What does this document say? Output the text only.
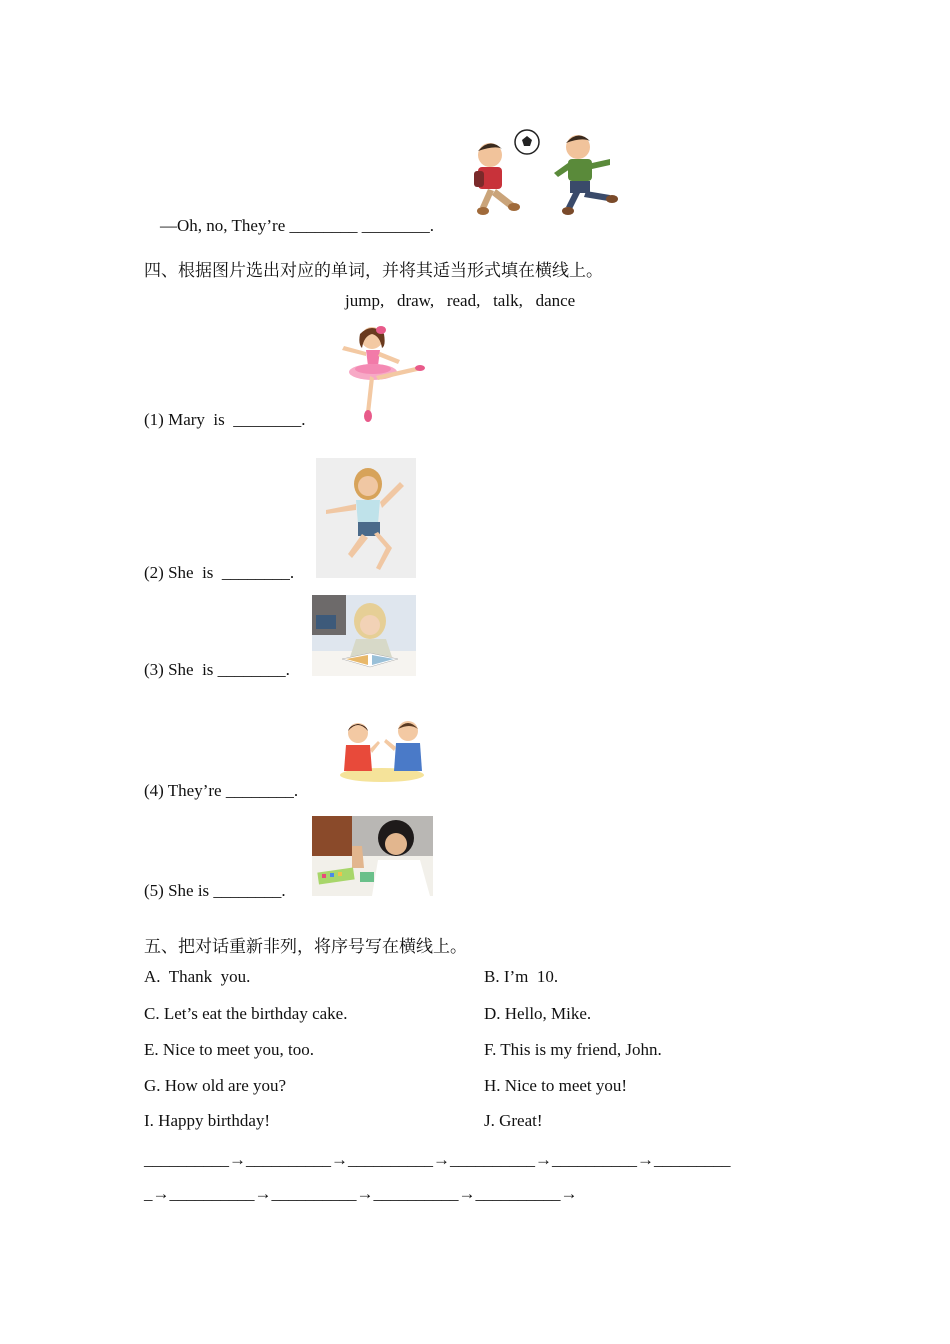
—Oh, no, They’re ________ ________.
四、根据图片选出对应的单词，并将其适当形式填在横线上。
jump,   draw,   read,   talk,   dance
(1) Mary  is  ________.
(2) She  is  ________.
(3) She  is ________.
(4) They’re ________.
(5) She is ________.
五、把对话重新非列，将序号写在横线上。
A.  Thank  you.	B. I’m  10.
C. Let’s eat the birthday cake.	D. Hello, Mike.
E. Nice to meet you, too.	F. This is my friend, John.
G. How old are you?	H. Nice to meet you!
I. Happy birthday!	J. Great!
__________→__________→__________→__________→__________→_________
_→__________→__________→__________→__________→
